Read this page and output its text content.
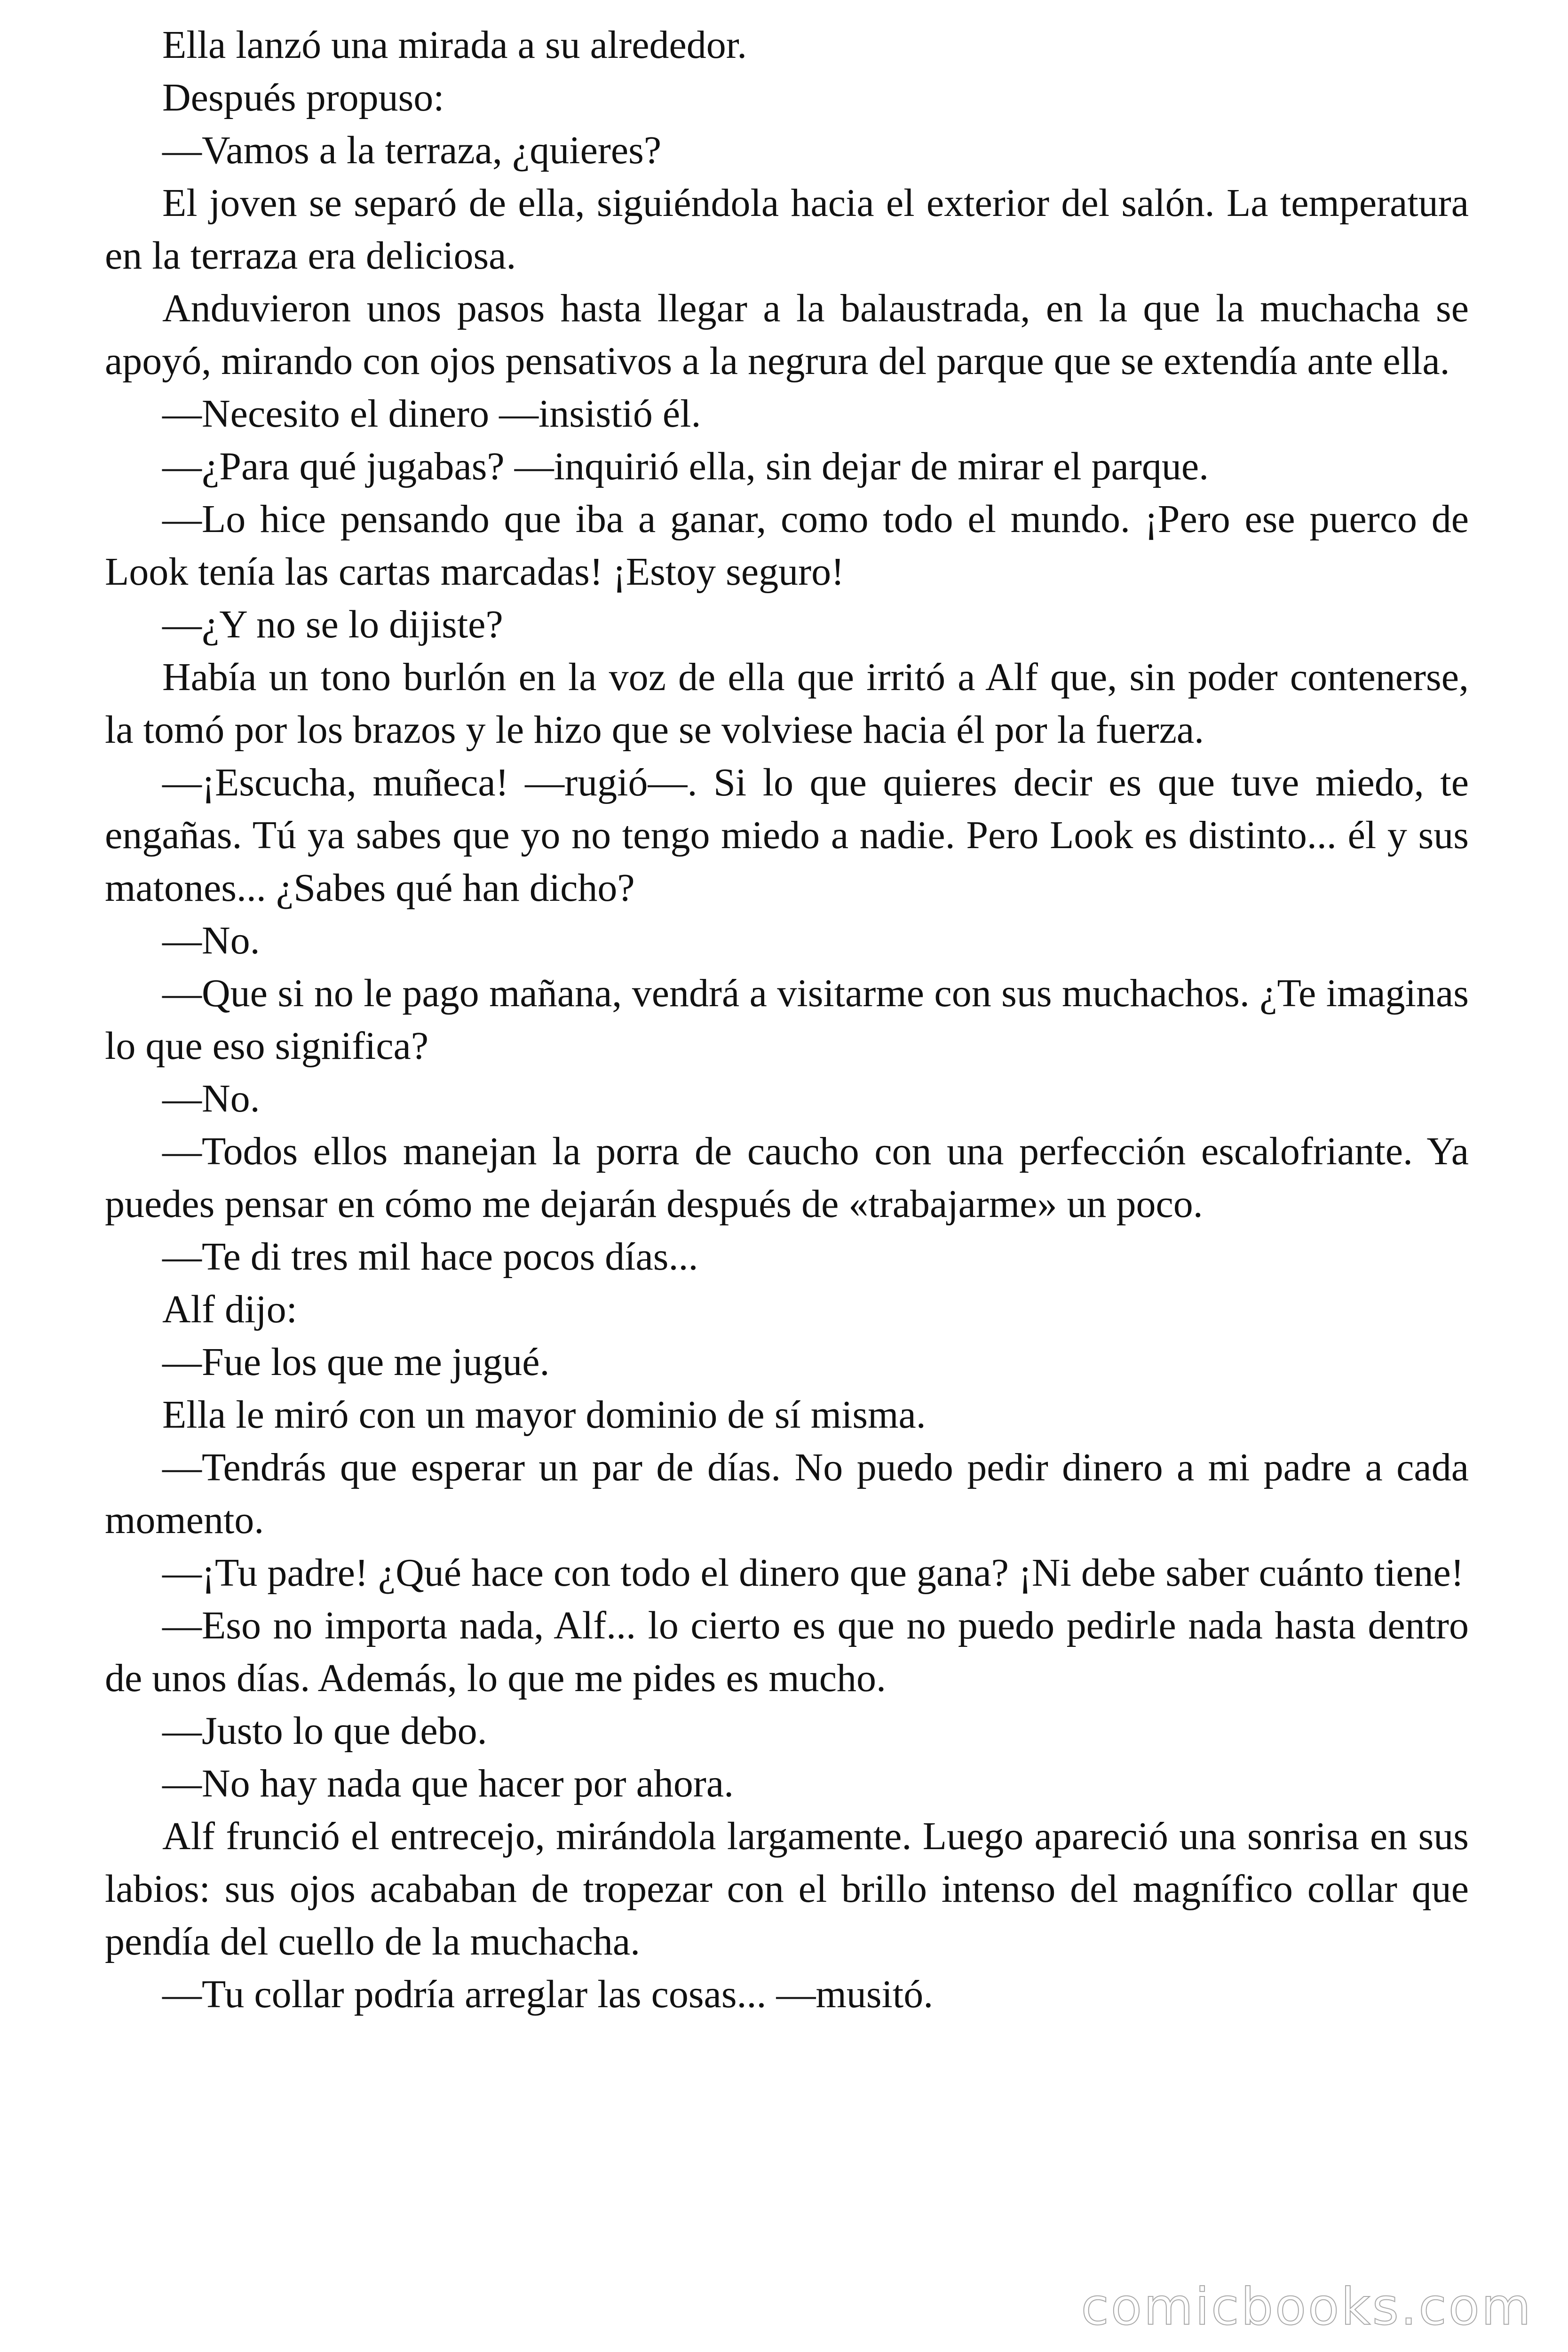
Ella lanzó una mirada a su alrededor.

Después propuso:

—Vamos a la terraza, ¿quieres?

El joven se separó de ella, siguiéndola hacia el exterior del salón. La temperatura en la terraza era deliciosa.

Anduvieron unos pasos hasta llegar a la balaustrada, en la que la muchacha se apoyó, mirando con ojos pensativos a la negrura del parque que se extendía ante ella.

—Necesito el dinero —insistió él.

—¿Para qué jugabas? —inquirió ella, sin dejar de mirar el parque.

—Lo hice pensando que iba a ganar, como todo el mundo. ¡Pero ese puerco de Look tenía las cartas marcadas! ¡Estoy seguro!

—¿Y no se lo dijiste?

Había un tono burlón en la voz de ella que irritó a Alf que, sin poder contenerse, la tomó por los brazos y le hizo que se volviese hacia él por la fuerza.

—¡Escucha, muñeca! —rugió—. Si lo que quieres decir es que tuve miedo, te engañas. Tú ya sabes que yo no tengo miedo a nadie. Pero Look es distinto... él y sus matones... ¿Sabes qué han dicho?

—No.

—Que si no le pago mañana, vendrá a visitarme con sus muchachos. ¿Te imaginas lo que eso significa?

—No.

—Todos ellos manejan la porra de caucho con una perfección escalofriante. Ya puedes pensar en cómo me dejarán después de «trabajarme» un poco.

—Te di tres mil hace pocos días...

Alf dijo:

—Fue los que me jugué.

Ella le miró con un mayor dominio de sí misma.

—Tendrás que esperar un par de días. No puedo pedir dinero a mi padre a cada momento.

—¡Tu padre! ¿Qué hace con todo el dinero que gana? ¡Ni debe saber cuánto tiene!

—Eso no importa nada, Alf... lo cierto es que no puedo pedirle nada hasta dentro de unos días. Además, lo que me pides es mucho.

—Justo lo que debo.

—No hay nada que hacer por ahora.

Alf frunció el entrecejo, mirándola largamente. Luego apareció una sonrisa en sus labios: sus ojos acababan de tropezar con el brillo intenso del magnífico collar que pendía del cuello de la muchacha.

—Tu collar podría arreglar las cosas... —musitó.

comicbooks.com
